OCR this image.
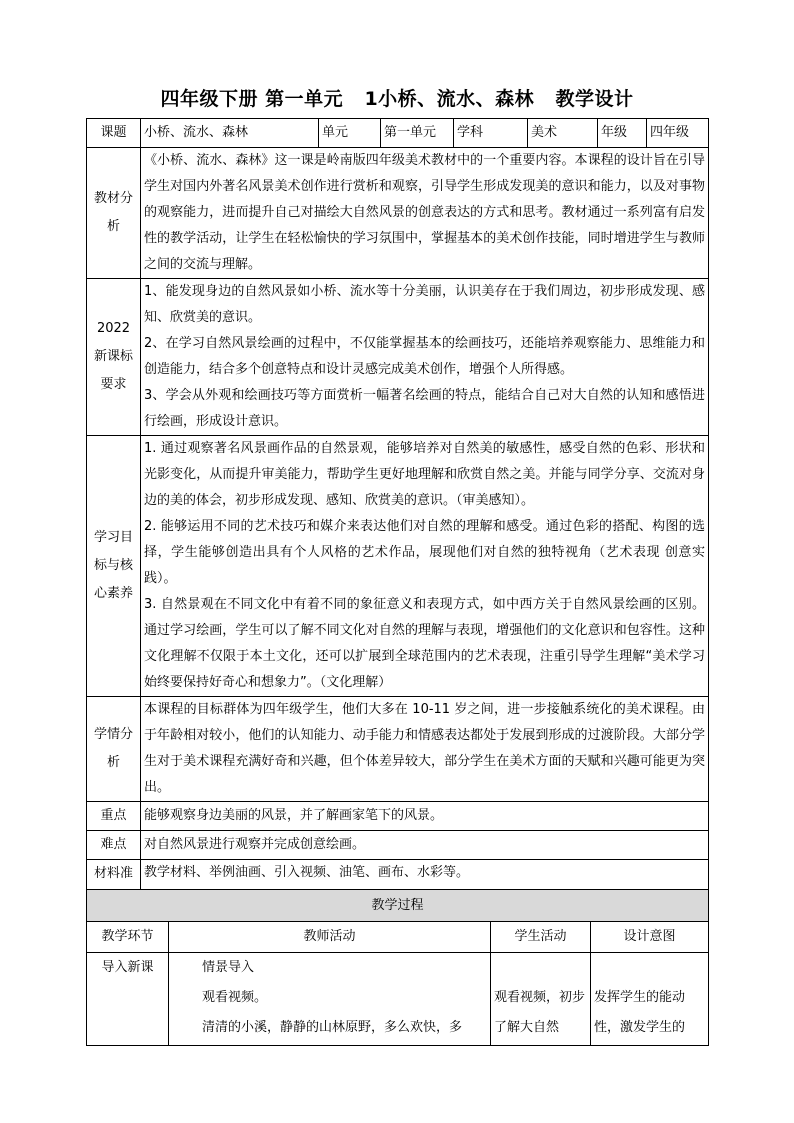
四年级下册 第一单元   1小桥、流水、森林   教学设计
课题	小桥、流水、森林	单元	第一单元	学科	美术	年级	四年级
教材分析	《小桥、流水、森林》这一课是岭南版四年级美术教材中的一个重要内容。本课程的设计旨在引导学生对国内外著名风景美术创作进行赏析和观察，引导学生形成发现美的意识和能力，以及对事物的观察能力，进而提升自己对描绘大自然风景的创意表达的方式和思考。教材通过一系列富有启发性的教学活动，让学生在轻松愉快的学习氛围中，掌握基本的美术创作技能，同时增进学生与教师之间的交流与理解。						
2022新课标要求	1、能发现身边的自然风景如小桥、流水等十分美丽，认识美存在于我们周边，初步形成发现、感知、欣赏美的意识。

2、在学习自然风景绘画的过程中，不仅能掌握基本的绘画技巧，还能培养观察能力、思维能力和创造能力，结合多个创意特点和设计灵感完成美术创作，增强个人所得感。

3、学会从外观和绘画技巧等方面赏析一幅著名绘画的特点，能结合自己对大自然的认知和感悟进行绘画，形成设计意识。						

学习目标与核心素养	1. 通过观察著名风景画作品的自然景观，能够培养对自然美的敏感性，感受自然的色彩、形状和光影变化，从而提升审美能力，帮助学生更好地理解和欣赏自然之美。并能与同学分享、交流对身边的美的体会，初步形成发现、感知、欣赏美的意识。（审美感知）。

2. 能够运用不同的艺术技巧和媒介来表达他们对自然的理解和感受。通过色彩的搭配、构图的选择，学生能够创造出具有个人风格的艺术作品，展现他们对自然的独特视角（艺术表现 创意实践）。

3. 自然景观在不同文化中有着不同的象征意义和表现方式，如中西方关于自然风景绘画的区别。通过学习绘画，学生可以了解不同文化对自然的理解与表现，增强他们的文化意识和包容性。这种文化理解不仅限于本土文化，还可以扩展到全球范围内的艺术表现，注重引导学生理解“美术学习始终要保持好奇心和想象力”。（文化理解）						

学情分析	本课程的目标群体为四年级学生，他们大多在 10-11 岁之间，进一步接触系统化的美术课程。由于年龄相对较小，他们的认知能力、动手能力和情感表达都处于发展到形成的过渡阶段。大部分学生对于美术课程充满好奇和兴趣，但个体差异较大，部分学生在美术方面的天赋和兴趣可能更为突出。						
重点	能够观察身边美丽的风景，并了解画家笔下的风景。						
难点	对自然风景进行观察并完成创意绘画。						
材料准	教学材料、举例油画、引入视频、油笔、画布、水彩等。						
教学过程			
教学环节	教师活动	学生活动	设计意图
导入新课	情景导入

观看视频。

清清的小溪，静静的山林原野，多么欢快，多	观看视频，初步了解大自然	发挥学生的能动性，激发学生的
